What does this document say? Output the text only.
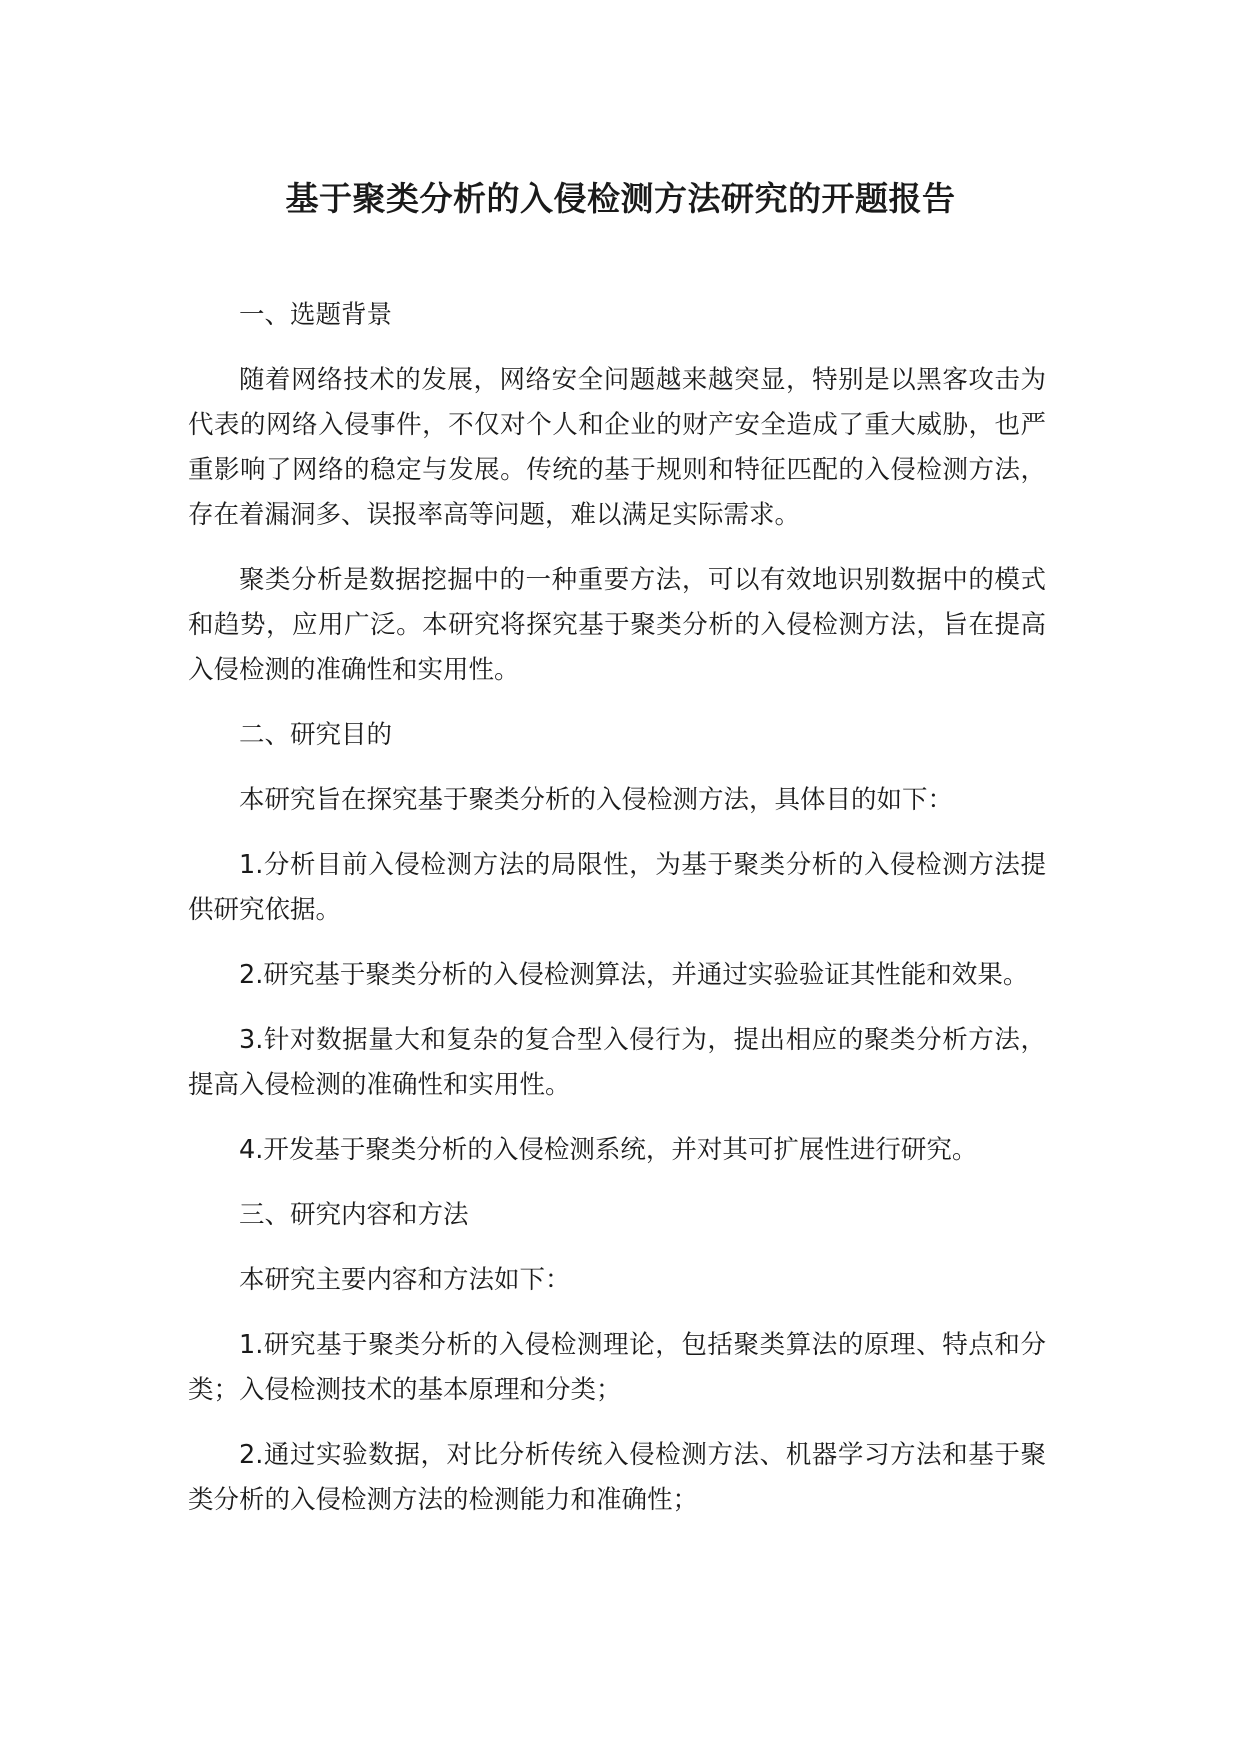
基于聚类分析的入侵检测方法研究的开题报告

一、选题背景

随着网络技术的发展，网络安全问题越来越突显，特别是以黑客攻击为代表的网络入侵事件，不仅对个人和企业的财产安全造成了重大威胁，也严重影响了网络的稳定与发展。传统的基于规则和特征匹配的入侵检测方法，存在着漏洞多、误报率高等问题，难以满足实际需求。

聚类分析是数据挖掘中的一种重要方法，可以有效地识别数据中的模式和趋势，应用广泛。本研究将探究基于聚类分析的入侵检测方法，旨在提高入侵检测的准确性和实用性。

二、研究目的

本研究旨在探究基于聚类分析的入侵检测方法，具体目的如下：

1.分析目前入侵检测方法的局限性，为基于聚类分析的入侵检测方法提供研究依据。

2.研究基于聚类分析的入侵检测算法，并通过实验验证其性能和效果。

3.针对数据量大和复杂的复合型入侵行为，提出相应的聚类分析方法，提高入侵检测的准确性和实用性。

4.开发基于聚类分析的入侵检测系统，并对其可扩展性进行研究。

三、研究内容和方法

本研究主要内容和方法如下：

1.研究基于聚类分析的入侵检测理论，包括聚类算法的原理、特点和分类；入侵检测技术的基本原理和分类；

2.通过实验数据，对比分析传统入侵检测方法、机器学习方法和基于聚类分析的入侵检测方法的检测能力和准确性；
